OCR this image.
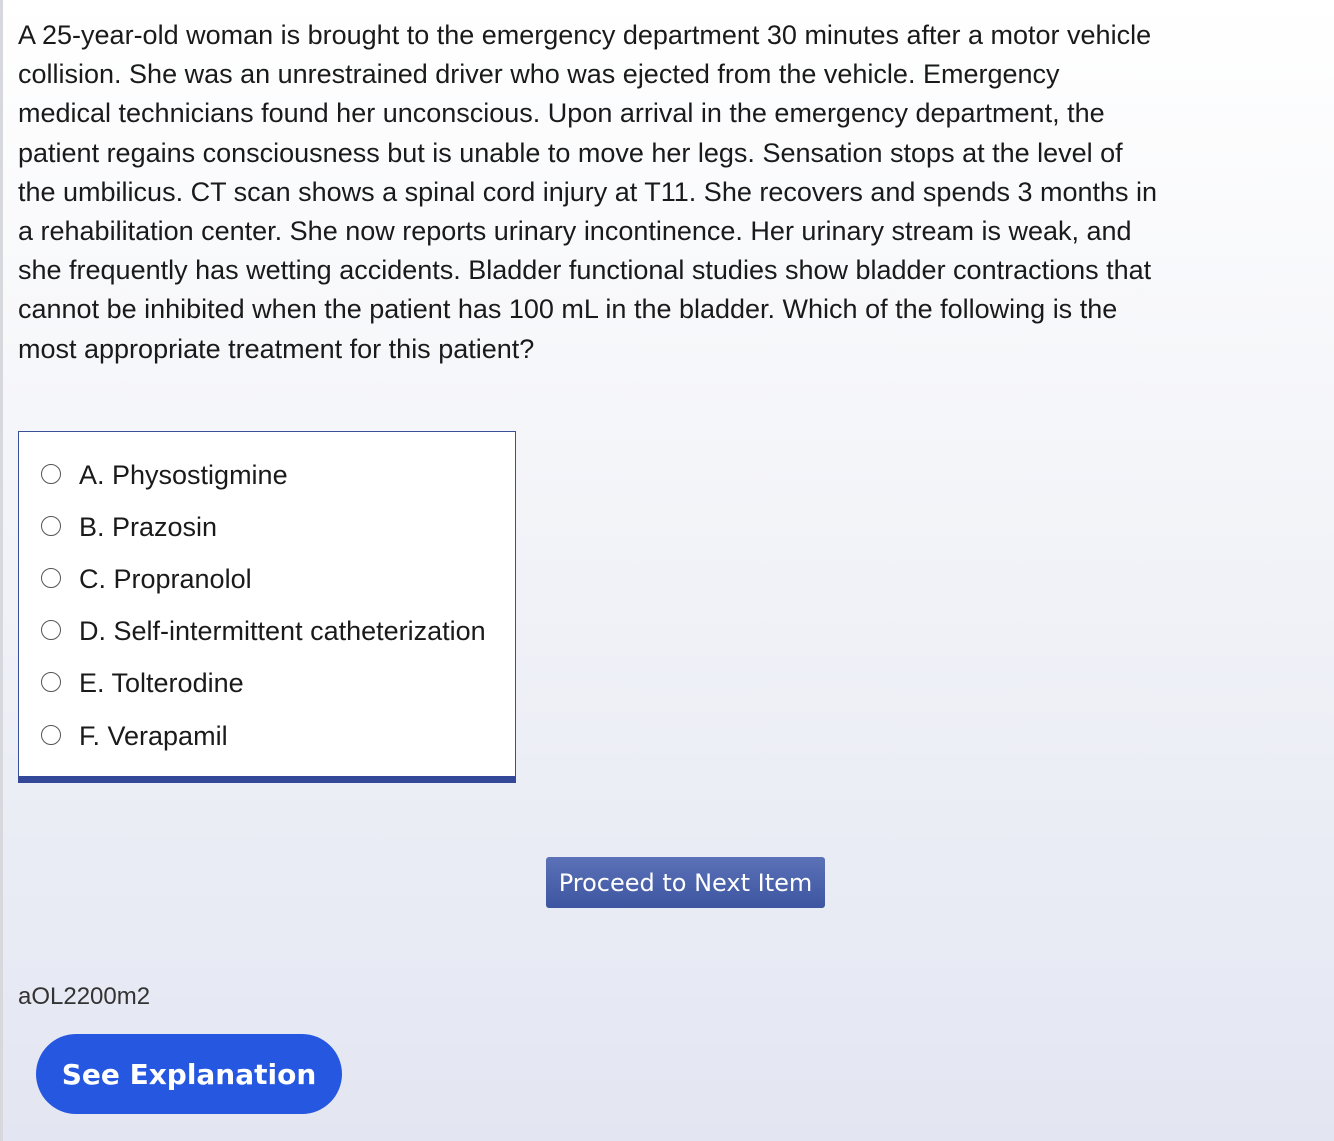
A 25-year-old woman is brought to the emergency department 30 minutes after a motor vehicle collision. She was an unrestrained driver who was ejected from the vehicle. Emergency medical technicians found her unconscious. Upon arrival in the emergency department, the patient regains consciousness but is unable to move her legs. Sensation stops at the level of the umbilicus. CT scan shows a spinal cord injury at T11. She recovers and spends 3 months in a rehabilitation center. She now reports urinary incontinence. Her urinary stream is weak, and she frequently has wetting accidents. Bladder functional studies show bladder contractions that cannot be inhibited when the patient has 100 mL in the bladder. Which of the following is the most appropriate treatment for this patient?

A. Physostigmine
B. Prazosin
C. Propranolol
D. Self-intermittent catheterization
E. Tolterodine
F. Verapamil
Proceed to Next Item
aOL2200m2
See Explanation
